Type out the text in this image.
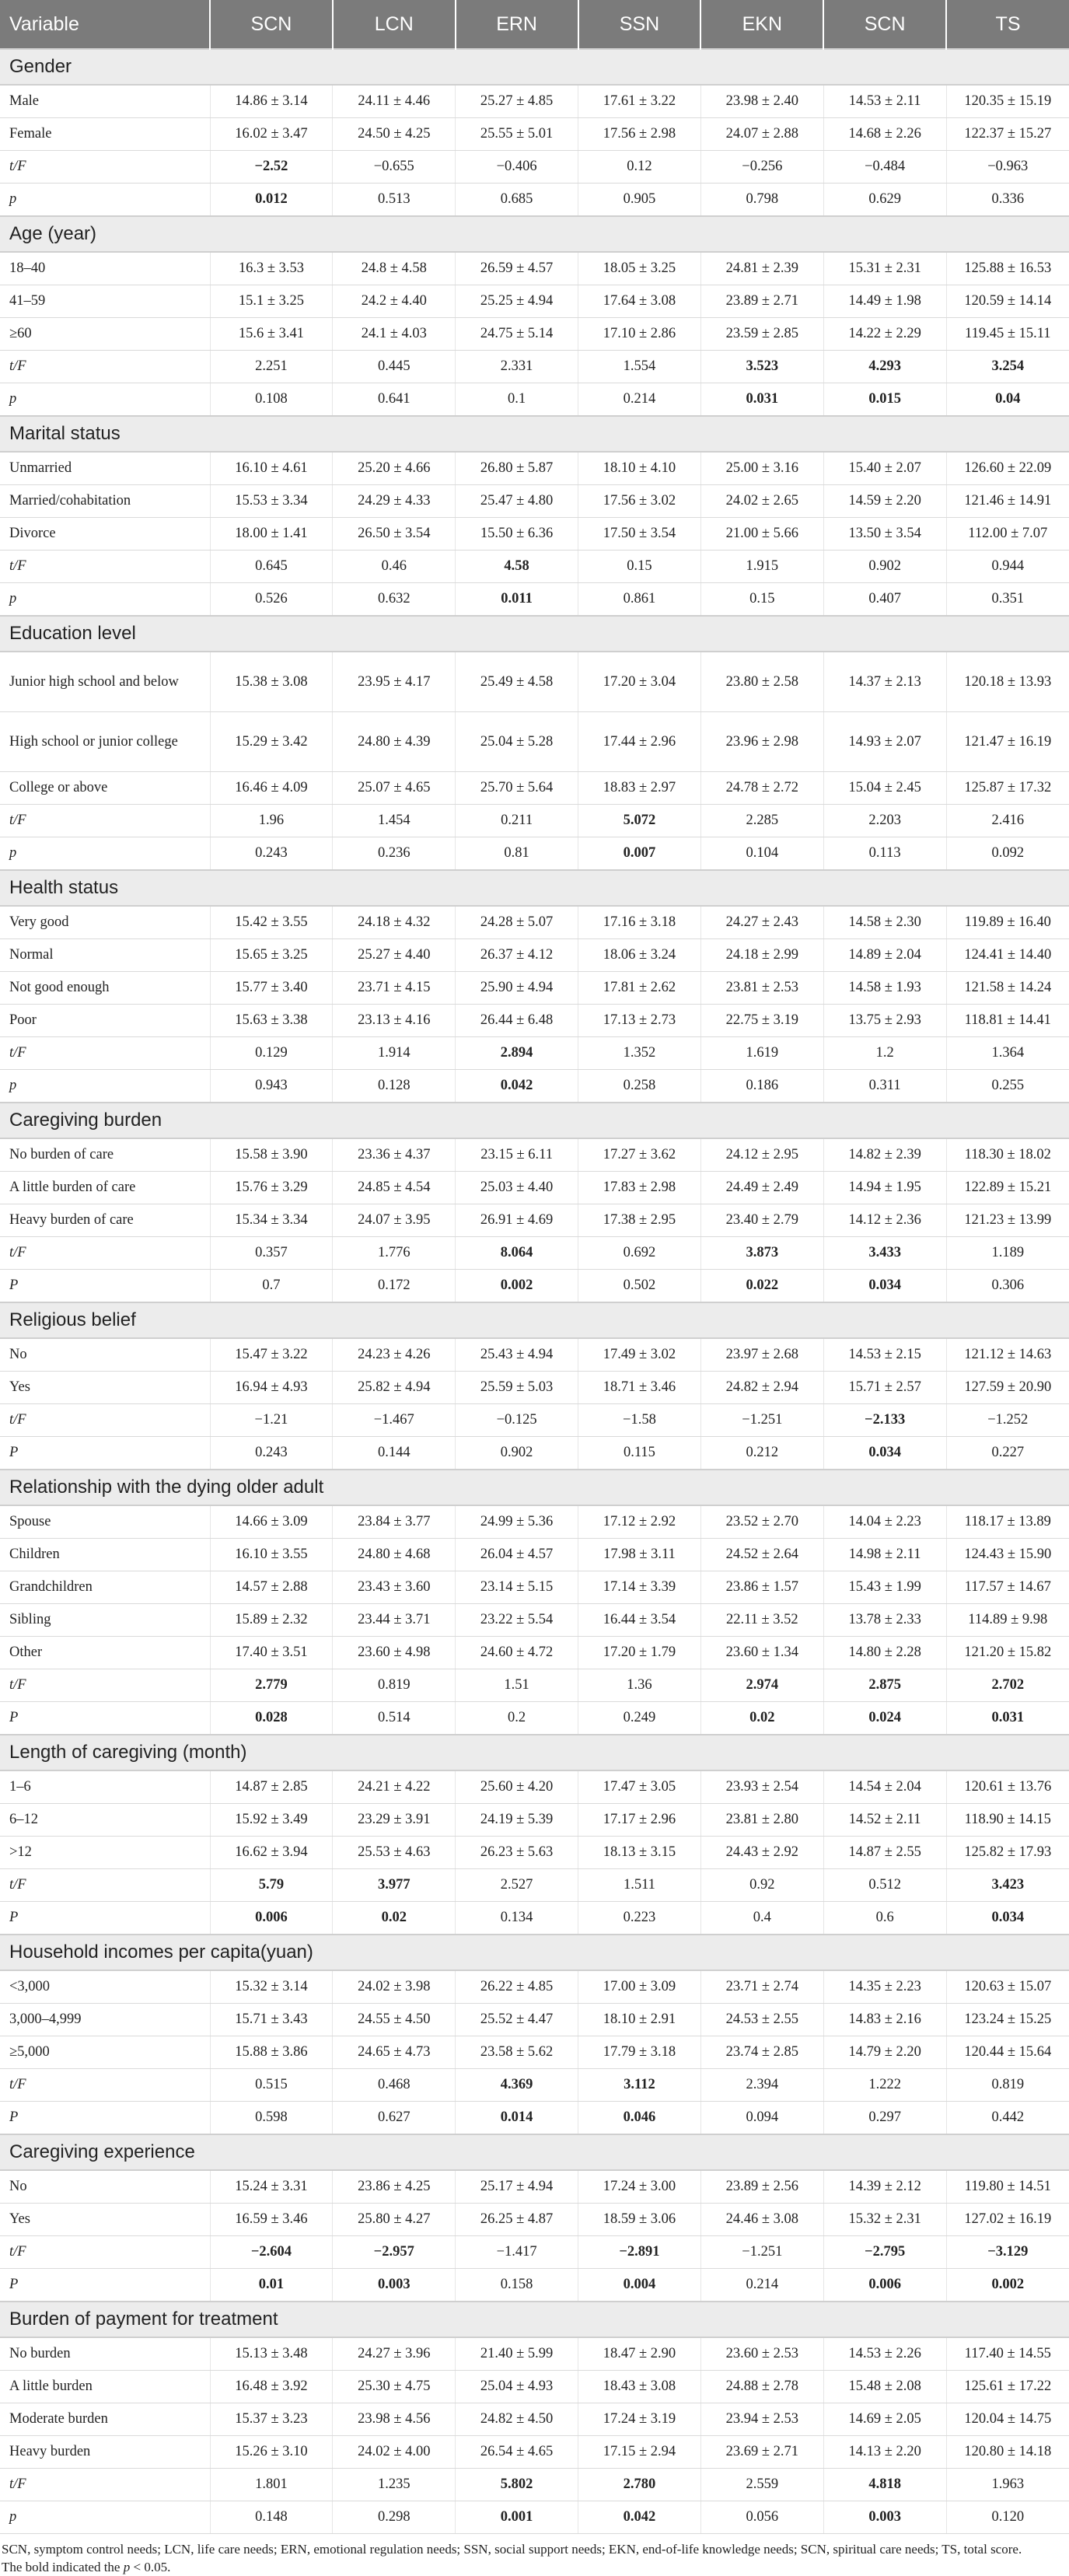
Variable	SCN	LCN	ERN	SSN	EKN	SCN	TS
Gender							
Male	14.86 ± 3.14	24.11 ± 4.46	25.27 ± 4.85	17.61 ± 3.22	23.98 ± 2.40	14.53 ± 2.11	120.35 ± 15.19
Female	16.02 ± 3.47	24.50 ± 4.25	25.55 ± 5.01	17.56 ± 2.98	24.07 ± 2.88	14.68 ± 2.26	122.37 ± 15.27
t/F	−2.52	−0.655	−0.406	0.12	−0.256	−0.484	−0.963
p	0.012	0.513	0.685	0.905	0.798	0.629	0.336
Age (year)							
18–40	16.3 ± 3.53	24.8 ± 4.58	26.59 ± 4.57	18.05 ± 3.25	24.81 ± 2.39	15.31 ± 2.31	125.88 ± 16.53
41–59	15.1 ± 3.25	24.2 ± 4.40	25.25 ± 4.94	17.64 ± 3.08	23.89 ± 2.71	14.49 ± 1.98	120.59 ± 14.14
≥60	15.6 ± 3.41	24.1 ± 4.03	24.75 ± 5.14	17.10 ± 2.86	23.59 ± 2.85	14.22 ± 2.29	119.45 ± 15.11
t/F	2.251	0.445	2.331	1.554	3.523	4.293	3.254
p	0.108	0.641	0.1	0.214	0.031	0.015	0.04
Marital status							
Unmarried	16.10 ± 4.61	25.20 ± 4.66	26.80 ± 5.87	18.10 ± 4.10	25.00 ± 3.16	15.40 ± 2.07	126.60 ± 22.09
Married/cohabitation	15.53 ± 3.34	24.29 ± 4.33	25.47 ± 4.80	17.56 ± 3.02	24.02 ± 2.65	14.59 ± 2.20	121.46 ± 14.91
Divorce	18.00 ± 1.41	26.50 ± 3.54	15.50 ± 6.36	17.50 ± 3.54	21.00 ± 5.66	13.50 ± 3.54	112.00 ± 7.07
t/F	0.645	0.46	4.58	0.15	1.915	0.902	0.944
p	0.526	0.632	0.011	0.861	0.15	0.407	0.351
Education level							
Junior high school and below	15.38 ± 3.08	23.95 ± 4.17	25.49 ± 4.58	17.20 ± 3.04	23.80 ± 2.58	14.37 ± 2.13	120.18 ± 13.93
High school or junior college	15.29 ± 3.42	24.80 ± 4.39	25.04 ± 5.28	17.44 ± 2.96	23.96 ± 2.98	14.93 ± 2.07	121.47 ± 16.19
College or above	16.46 ± 4.09	25.07 ± 4.65	25.70 ± 5.64	18.83 ± 2.97	24.78 ± 2.72	15.04 ± 2.45	125.87 ± 17.32
t/F	1.96	1.454	0.211	5.072	2.285	2.203	2.416
p	0.243	0.236	0.81	0.007	0.104	0.113	0.092
Health status							
Very good	15.42 ± 3.55	24.18 ± 4.32	24.28 ± 5.07	17.16 ± 3.18	24.27 ± 2.43	14.58 ± 2.30	119.89 ± 16.40
Normal	15.65 ± 3.25	25.27 ± 4.40	26.37 ± 4.12	18.06 ± 3.24	24.18 ± 2.99	14.89 ± 2.04	124.41 ± 14.40
Not good enough	15.77 ± 3.40	23.71 ± 4.15	25.90 ± 4.94	17.81 ± 2.62	23.81 ± 2.53	14.58 ± 1.93	121.58 ± 14.24
Poor	15.63 ± 3.38	23.13 ± 4.16	26.44 ± 6.48	17.13 ± 2.73	22.75 ± 3.19	13.75 ± 2.93	118.81 ± 14.41
t/F	0.129	1.914	2.894	1.352	1.619	1.2	1.364
p	0.943	0.128	0.042	0.258	0.186	0.311	0.255
Caregiving burden							
No burden of care	15.58 ± 3.90	23.36 ± 4.37	23.15 ± 6.11	17.27 ± 3.62	24.12 ± 2.95	14.82 ± 2.39	118.30 ± 18.02
A little burden of care	15.76 ± 3.29	24.85 ± 4.54	25.03 ± 4.40	17.83 ± 2.98	24.49 ± 2.49	14.94 ± 1.95	122.89 ± 15.21
Heavy burden of care	15.34 ± 3.34	24.07 ± 3.95	26.91 ± 4.69	17.38 ± 2.95	23.40 ± 2.79	14.12 ± 2.36	121.23 ± 13.99
t/F	0.357	1.776	8.064	0.692	3.873	3.433	1.189
P	0.7	0.172	0.002	0.502	0.022	0.034	0.306
Religious belief							
No	15.47 ± 3.22	24.23 ± 4.26	25.43 ± 4.94	17.49 ± 3.02	23.97 ± 2.68	14.53 ± 2.15	121.12 ± 14.63
Yes	16.94 ± 4.93	25.82 ± 4.94	25.59 ± 5.03	18.71 ± 3.46	24.82 ± 2.94	15.71 ± 2.57	127.59 ± 20.90
t/F	−1.21	−1.467	−0.125	−1.58	−1.251	−2.133	−1.252
P	0.243	0.144	0.902	0.115	0.212	0.034	0.227
Relationship with the dying older adult							
Spouse	14.66 ± 3.09	23.84 ± 3.77	24.99 ± 5.36	17.12 ± 2.92	23.52 ± 2.70	14.04 ± 2.23	118.17 ± 13.89
Children	16.10 ± 3.55	24.80 ± 4.68	26.04 ± 4.57	17.98 ± 3.11	24.52 ± 2.64	14.98 ± 2.11	124.43 ± 15.90
Grandchildren	14.57 ± 2.88	23.43 ± 3.60	23.14 ± 5.15	17.14 ± 3.39	23.86 ± 1.57	15.43 ± 1.99	117.57 ± 14.67
Sibling	15.89 ± 2.32	23.44 ± 3.71	23.22 ± 5.54	16.44 ± 3.54	22.11 ± 3.52	13.78 ± 2.33	114.89 ± 9.98
Other	17.40 ± 3.51	23.60 ± 4.98	24.60 ± 4.72	17.20 ± 1.79	23.60 ± 1.34	14.80 ± 2.28	121.20 ± 15.82
t/F	2.779	0.819	1.51	1.36	2.974	2.875	2.702
P	0.028	0.514	0.2	0.249	0.02	0.024	0.031
Length of caregiving (month)							
1–6	14.87 ± 2.85	24.21 ± 4.22	25.60 ± 4.20	17.47 ± 3.05	23.93 ± 2.54	14.54 ± 2.04	120.61 ± 13.76
6–12	15.92 ± 3.49	23.29 ± 3.91	24.19 ± 5.39	17.17 ± 2.96	23.81 ± 2.80	14.52 ± 2.11	118.90 ± 14.15
>12	16.62 ± 3.94	25.53 ± 4.63	26.23 ± 5.63	18.13 ± 3.15	24.43 ± 2.92	14.87 ± 2.55	125.82 ± 17.93
t/F	5.79	3.977	2.527	1.511	0.92	0.512	3.423
P	0.006	0.02	0.134	0.223	0.4	0.6	0.034
Household incomes per capita(yuan)							
<3,000	15.32 ± 3.14	24.02 ± 3.98	26.22 ± 4.85	17.00 ± 3.09	23.71 ± 2.74	14.35 ± 2.23	120.63 ± 15.07
3,000–4,999	15.71 ± 3.43	24.55 ± 4.50	25.52 ± 4.47	18.10 ± 2.91	24.53 ± 2.55	14.83 ± 2.16	123.24 ± 15.25
≥5,000	15.88 ± 3.86	24.65 ± 4.73	23.58 ± 5.62	17.79 ± 3.18	23.74 ± 2.85	14.79 ± 2.20	120.44 ± 15.64
t/F	0.515	0.468	4.369	3.112	2.394	1.222	0.819
P	0.598	0.627	0.014	0.046	0.094	0.297	0.442
Caregiving experience							
No	15.24 ± 3.31	23.86 ± 4.25	25.17 ± 4.94	17.24 ± 3.00	23.89 ± 2.56	14.39 ± 2.12	119.80 ± 14.51
Yes	16.59 ± 3.46	25.80 ± 4.27	26.25 ± 4.87	18.59 ± 3.06	24.46 ± 3.08	15.32 ± 2.31	127.02 ± 16.19
t/F	−2.604	−2.957	−1.417	−2.891	−1.251	−2.795	−3.129
P	0.01	0.003	0.158	0.004	0.214	0.006	0.002
Burden of payment for treatment							
No burden	15.13 ± 3.48	24.27 ± 3.96	21.40 ± 5.99	18.47 ± 2.90	23.60 ± 2.53	14.53 ± 2.26	117.40 ± 14.55
A little burden	16.48 ± 3.92	25.30 ± 4.75	25.04 ± 4.93	18.43 ± 3.08	24.88 ± 2.78	15.48 ± 2.08	125.61 ± 17.22
Moderate burden	15.37 ± 3.23	23.98 ± 4.56	24.82 ± 4.50	17.24 ± 3.19	23.94 ± 2.53	14.69 ± 2.05	120.04 ± 14.75
Heavy burden	15.26 ± 3.10	24.02 ± 4.00	26.54 ± 4.65	17.15 ± 2.94	23.69 ± 2.71	14.13 ± 2.20	120.80 ± 14.18
t/F	1.801	1.235	5.802	2.780	2.559	4.818	1.963
p	0.148	0.298	0.001	0.042	0.056	0.003	0.120
SCN, symptom control needs; LCN, life care needs; ERN, emotional regulation needs; SSN, social support needs; EKN, end-of-life knowledge needs; SCN, spiritual care needs; TS, total score.
The bold indicated the p < 0.05.
